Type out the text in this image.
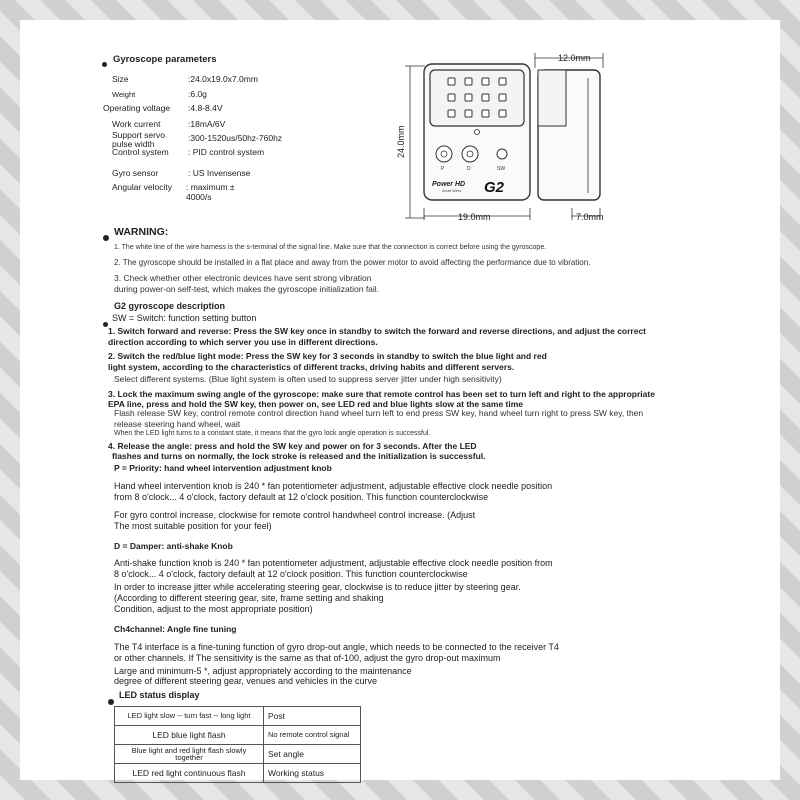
Gyroscope parameters
Size	:24.0x19.0x7.0mm
Weight	:6.0g
Operating voltage :4.8-8.4V
Work current	:18mA/6V
Support servo pulse width
:300-1520us/50hz-760hz
Control system	: PID control system
Gyro sensor	: US Invensense
Angular velocity : maximum ± 4000/s
12.0mm
24.0mm
P	D	SW
Power HD
Smart Wires G2
19.0mm	7.0mm
WARNING:
1. The white line of the wire harness is the s-terminal of the signal line. Make sure that the connection is correct before using the gyroscope.
2. The gyroscope should be installed in a flat place and away from the power motor to avoid affecting the performance due to vibration.
3. Check whether other electronic devices have sent strong vibration
during power-on self-test, which makes the gyroscope initialization fail.
G2 gyroscope description
SW = Switch: function setting button
1. Switch forward and reverse: Press the SW key once in standby to switch the forward and reverse directions, and adjust the correct
direction according to which server you use in different directions.
2. Switch the red/blue light mode: Press the SW key for 3 seconds in standby to switch the blue light and red
light system, according to the characteristics of different tracks, driving habits and different servers.
Select different systems. (Blue light system is often used to suppress server jitter under high sensitivity)
3. Lock the maximum swing angle of the gyroscope: make sure that remote control has been set to turn left and right to the appropriate
EPA line, press and hold the SW key, then power on, see LED red and blue lights slow at the same time
Flash release SW key, control remote control direction hand wheel turn left to end press SW key, hand wheel turn right to press SW key, then
release steering hand wheel, wait
When the LED light turns to a constant state, it means that the gyro lock angle operation is successful.
4. Release the angle: press and hold the SW key and power on for 3 seconds. After the LED
flashes and turns on normally, the lock stroke is released and the initialization is successful.
P = Priority: hand wheel intervention adjustment knob
Hand wheel intervention knob is 240 * fan potentiometer adjustment, adjustable effective clock needle position
from 8 o'clock... 4 o'clock, factory default at 12 o'clock position. This function counterclockwise
For gyro control increase, clockwise for remote control handwheel control increase. (Adjust
The most suitable position for your feel)
D = Damper: anti-shake Knob
Anti-shake function knob is 240 * fan potentiometer adjustment, adjustable effective clock needle position from
8 o'clock... 4 o'clock, factory default at 12 o'clock position. This function counterclockwise
In order to increase jitter while accelerating steering gear, clockwise is to reduce jitter by steering gear.
(According to different steering gear, site, frame setting and shaking
Condition, adjust to the most appropriate position)
Ch4channel: Angle fine tuning
The T4 interface is a fine-tuning function of gyro drop-out angle, which needs to be connected to the receiver T4
or other channels. If The sensitivity is the same as that of-100, adjust the gyro drop-out maximum
Large and minimum-5 *, adjust appropriately according to the maintenance
degree of different steering gear, venues and vehicles in the curve
LED status display
LED light slow -- turn fast -- long light	Post
LED blue light flash	No remote control signal
Blue light and red light flash slowly together	Set angle
LED red light continuous flash	Working status
